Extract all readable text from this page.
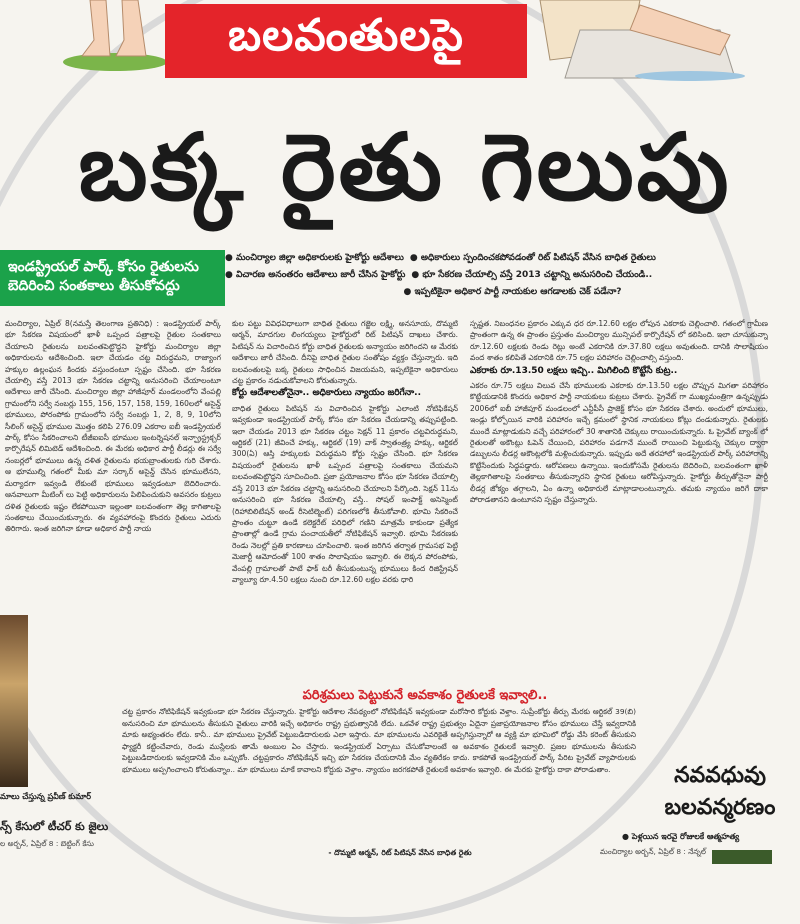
బలవంతులపై
బక్క రైతు గెలుపు
ఇండస్ట్రియల్ పార్క్ కోసం రైతులను
బెదిరించి సంతకాలు తీసుకోవద్దు
● మంచిర్యాల జిల్లా అధికారులకు హైకోర్టు ఆదేశాలు	● అధికారులు స్పందించకపోవడంతో రిట్ పిటిషన్ వేసిన బాధిత రైతులు
● విచారణ అనంతరం ఆదేశాలు జారీ చేసిన హైకోర్టు	● భూ సేకరణ చేయాల్సి వస్తే 2013 చట్టాన్ని అనుసరించి చేయండి..
● ఇప్పటికైనా అధికార పార్టీ నాయకుల ఆగడాలకు చెక్ పడేనా?

మంచిర్యాల, ఏప్రిల్ 8(నమస్తే తెలంగాణ ప్రతినిధి) : ఇండస్ట్రియల్ పార్క్ భూ సేకరణ విషయంలో ఖాళీ ఒప్పంద పత్రాలపై రైతుల సంతకాలు చేయాలని రైతులను బలవంతపెట్టొద్దని హైకోర్టు మంచిర్యాల జిల్లా అధికారులను ఆదేశించింది. ఇలా చేయడం చట్ట విరుద్ధమని, రాజ్యాంగ హక్కుల ఉల్లంఘన కిందకు వస్తుందంటూ స్పష్టం చేసింది. భూ సేకరణ చేయాల్సి వస్తే 2013 భూ సేకరణ చట్టాన్ని అనుసరించి చేయాలంటూ ఆదేశాలు జారీ చేసింది. మంచిర్యాల జిల్లా హాజీపూర్ మండలంలోని వేంపల్లి గ్రామంలోని సర్వే నంబర్లు 155, 156, 157, 158, 159, 160లలో అసైన్డ్ భూములు, పోరంపోకు గ్రామంలోని సర్వే నంబర్లు 1, 2, 8, 9, 10లోని సీలింగ్ అసైన్డ్ భూముల మొత్తం కలిపి 276.09 ఎకరాల ఐబీ ఇండస్ట్రియల్ పార్క్ కోసం సేకరించాలని టీజీఐఐసీ భూముల ఇంటర్నెషనల్ ఇన్ఫ్రాస్ట్రక్చర్ కార్పొరేషన్ లిమిటెడ్ ఆదేశించింది. ఈ మేరకు అధికార పార్టీ లీడర్లు ఈ సర్వే నంబర్లలో భూములు ఉన్న దళిత రైతులను భయబ్రాంతులకు గురి చేశారు. ఆ భూముల్ని గతంలో మీకు మా సర్కార్ అసైన్డ్ చేసిన భూములేనని, మర్యాదగా ఇవ్వండి లేకుంటే భూములు ఇవ్వడంటూ బెదిరించారు. ఆనవాలుగా మీటింగ్ లు పెట్టి అధికారులను పిలిపించుకుని అవసరం కుట్రలు దళిత రైతులకు ఇష్టం లేకపోయినా ఇల్లంతా బలవంతంగా తెల్ల కాగితాలపై సంతకాలు చేయించుకున్నారు. ఈ వ్యవహారంపై కొందరు రైతులు ఎదురు తిరిగారు. ఇంత జరిగినా కూడా అధికార పార్టీ నాయ

కుల పట్టు వివిధవిధాలుగా బాధిత రైతులు గజ్జెల లక్ష్మి, అనసూయ, దొమ్మటి ఆర్మన్, మాదగుల లింగయ్యలు హైకోర్టులో రిట్ పిటిషన్ దాఖలు చేశారు. పిటిషన్ ను విచారించిన కోర్టు బాధిత రైతులకు అన్యాయం జరిగిందని ఆ మేరకు ఆదేశాలు జారీ చేసింది. దీనిపై బాధిత రైతుల సంతోషం వ్యక్తం చేస్తున్నారు. ఇది బలవంతులపై బక్క రైతులు సాధించిన విజయమని, ఇప్పటికైనా అధికారులు చట్ట ప్రకారం నడుచుకోవాలని కోరుతున్నారు.

కోర్టు ఆదేశాలతోనైనా.. అధికారులు న్యాయం జరిగేనా..

బాధిత రైతులు పిటిషన్ ను విచారించిన హైకోర్టు ఎలాంటి నోటిఫికేషన్ ఇవ్వకుండా ఇండస్ట్రియల్ పార్క్ కోసం భూ సేకరణ చేయడాన్ని తప్పుపట్టింది. ఇలా చేయడం 2013 భూ సేకరణ చట్టం సెక్షన్ 11 ప్రకారం చట్టవిరుద్ధమని, ఆర్టికల్ (21) జీవించే హక్కు, ఆర్టికల్ (19) వాక్ స్వాతంత్ర్య హక్కు, ఆర్టికల్ 300(ఏ) ఆస్తి హక్కులకు విరుద్ధమని కోర్టు స్పష్టం చేసింది. భూ సేకరణ విషయంలో రైతులను ఖాళీ ఒప్పంద పత్రాలపై సంతకాలు చేయమని బలవంతపెట్టొద్దని సూచించింది. ప్రజా ప్రయోజనాల కోసం భూ సేకరణ చేయాల్సి వస్తే 2013 భూ సేకరణ చట్టాన్ని అనుసరించి చేయాలని పేర్కొంది. సెక్షన్ 11ను అనుసరించి భూ సేకరణ చేయాల్సి వస్తే.. సోషల్ ఇంపాక్ట్ అసెస్మెంట్ (రిహాబిలిటేషన్ అండ్ రీసెటిల్మెంట్) పరిగణలోకి తీసుకోవాలి. భూమి సేకరించే ప్రాంతం చుట్టూ ఉండే కలెక్టరేట్ పరిధిలో గణిని మాత్రమే కాకుండా ప్రత్యేక ప్రాంతాల్లో ఉండే గ్రామ పంచాయతీలో నోటిఫికేషన్ ఇవ్వాలి. భూమి సేకరణకు రెండు నెలల్లో ప్రతి కారణాలు చూపించాలి. ఇంత జరిగిన తర్వాత గ్రామసభ పెట్టి మెజార్టీ ఆమోదంతో 100 శాతం సొలాషియం ఇవ్వాలి. ఈ లెక్కన పోరంపోకు, వేంపల్లి గ్రామాలతో పాటే ఫాక్ టరీ తీసుకుంటున్న భూములు కింద రిజిస్ట్రేషన్ వ్యాల్యూ రూ.4.50 లక్షలు నుంచి రూ.12.60 లక్షల వరకు ధారి

స్పష్టత. నిబంధనల ప్రకారం ఎక్కువ ధర రూ.12.60 లక్షల లోపున ఎకరాకు చెల్లించాలి. గతంలో గ్రామీణ ప్రాంతంగా ఉన్న ఈ ప్రాంతం ప్రస్తుతం మంచిర్యాల మున్సిపల్ కార్పొరేషన్ లో కలిసింది. ఇలా చూసుకున్నా రూ.12.60 లక్షలకు రెండు రెట్లు అంటే ఎకరానికి రూ.37.80 లక్షలు అవుతుంది. దానికి సొలాషియం వంద శాతం కలిపితే ఎకరానికి రూ.75 లక్షల పరిహారం చెల్లించాల్సి వస్తుంది.

ఎకరాకు రూ.13.50 లక్షలు ఇచ్చి.. మిగిలింది కొట్టేసే కుట్ర..

ఎకరం రూ.75 లక్షలు విలువ చేసే భూములకు ఎకరాకు రూ.13.50 లక్షల చొప్పున మిగతా పరిహారం కొట్టేయడానికి కొందరు అధికార పార్టీ నాయకులు కుట్రలు చేశారు. ప్రైవేట్ గా ముఖ్యమంత్రిగా ఉన్నప్పుడు 2006లో ఐబీ హాజీపూర్ మండలంలో ఎన్టీపీసీ ప్రాజెక్ట్ కోసం భూ సేకరణ చేశారు. అందులో భూములు, ఇండ్లు కోల్పోయిన వారికి పరిహారం ఇచ్చే క్రమంలో స్థానిక నాయకులు కోట్లు దండుకున్నారు. రైతులకు ముందే మాట్లాడుకుని వచ్చే పరిహారంలో 30 శాతానికి చెక్కులు రాయించుకున్నారు. ఓ ప్రైవేట్ బ్యాంక్ లో రైతులతో అకౌంట్లు ఓపెన్ చేయించి, పరిహారం పడగానే ముందే రాయించి పెట్టుకున్న చెక్కుల ద్వారా డబ్బులను లీడర్ల అకౌంట్లలోకి మళ్లించుకున్నారు. ఇప్పుడు అదే తరహాలో ఇండస్ట్రియల్ పార్క్ పరిహారాన్ని కొట్టేసేందుకు సిద్ధపడ్డారు. ఆరోపణలు ఉన్నాయి. ఇందుకోసమే రైతులను బెదిరించి, బలవంతంగా ఖాళీ తెల్లకాగితాలపై సంతకాలు తీసుకున్నారని స్థానిక రైతులు ఆరోపిస్తున్నారు. హైకోర్టు తీర్పుతోనైనా పార్టీ లీడర్ల జోక్యం తగ్గాలని, ఏం ఉన్నా అధికారులే మాట్లాడాలంటున్నారు. తమకు న్యాయం జరిగే దాకా పోరాడతానని ఉంటూనని స్పష్టం చేస్తున్నారు.

పరిశ్రమలు పెట్టుకునే అవకాశం రైతులకే ఇవ్వాలి..
చట్ట ప్రకారం నోటిఫికేషన్ ఇవ్వకుండా భూ సేకరణ చేస్తున్నారు. హైకోర్టు ఆదేశాల నేపథ్యంలో నోటిఫికేషన్ ఇవ్వకుండా మరోసారి కోర్టుకు వెళ్తాం. సుప్రీంకోర్టు తీర్పు మేరకు ఆర్టికల్ 39(బి) అనుసరించి మా భూములను తీసుకుని వైతులు వారికి ఇచ్చే అధికారం రాష్ట్ర ప్రభుత్వానికి లేదు. ఒకవేళ రాష్ట్ర ప్రభుత్వం ఏదైనా ప్రజాప్రయోజనాల కోసం భూములు చేస్తే ఇవ్వదానికి మాకు అభ్యంతరం లేదు. కానీ.. మా భూములు ప్రైవేట్ పెట్టుబడిదారులకు ఎలా ఇస్తారు. మా భూములను ఎవరికైతే అప్పగిస్తున్నారో ఆ వ్యక్తి మా భూమిలో రోడ్డు వేసి కరెంట్ తీసుకుని ఫ్యాక్టరీ కట్టించేవారు, రెండు ముస్లేలకు తామే అంబుల ఏం చేస్తారు. ఇండస్ట్రియల్ ఏర్పాటు చేసుకోవాలంటే ఆ అవకాశం రైతులకే ఇవ్వాలి. ప్రజల భూములను తీసుకుని పెట్టుబడిదారులకు ఇవ్వడానికి మేం ఒప్పుకోం. చట్టప్రకారం నోటిఫికేషన్ ఇచ్చి భూ సేకరణ చేయదానికి మేం వ్యతిరేకం కాదు. కాకపోతే ఇండస్ట్రియల్ పార్క్ పేరిట ప్రైవేట్ వ్యాపారులకు భూములు అప్పగించాలని కోరుతున్నాం.. మా భూములు మాకే కావాలని కోర్టుకు వెళ్తాం. న్యాయం జరగకపోతే రైతులకే అవకాశం ఇవ్వాలి. ఈ మేరకు హైకోర్టు దాకా పోరాడుతాం.
- దొమ్మటి ఆర్మన్, రిట్ పిటిషన్ వేసిన బాధిత రైతు
నవవధువు
బలవన్మరణం
● పెళ్లయిన ఇరవై రోజులకే ఆత్మహత్య
మంచిర్యాల అర్బన్, ఏప్రిల్ 8 : నేన్నల్
మాలు చేస్తున్న ప్రవీణ్ కుమార్
న్స్ కేసులో టీచర్ కు జైలు
ల అర్బన్, ఏప్రిల్ 8 : బెట్టింగ్ కేసు
